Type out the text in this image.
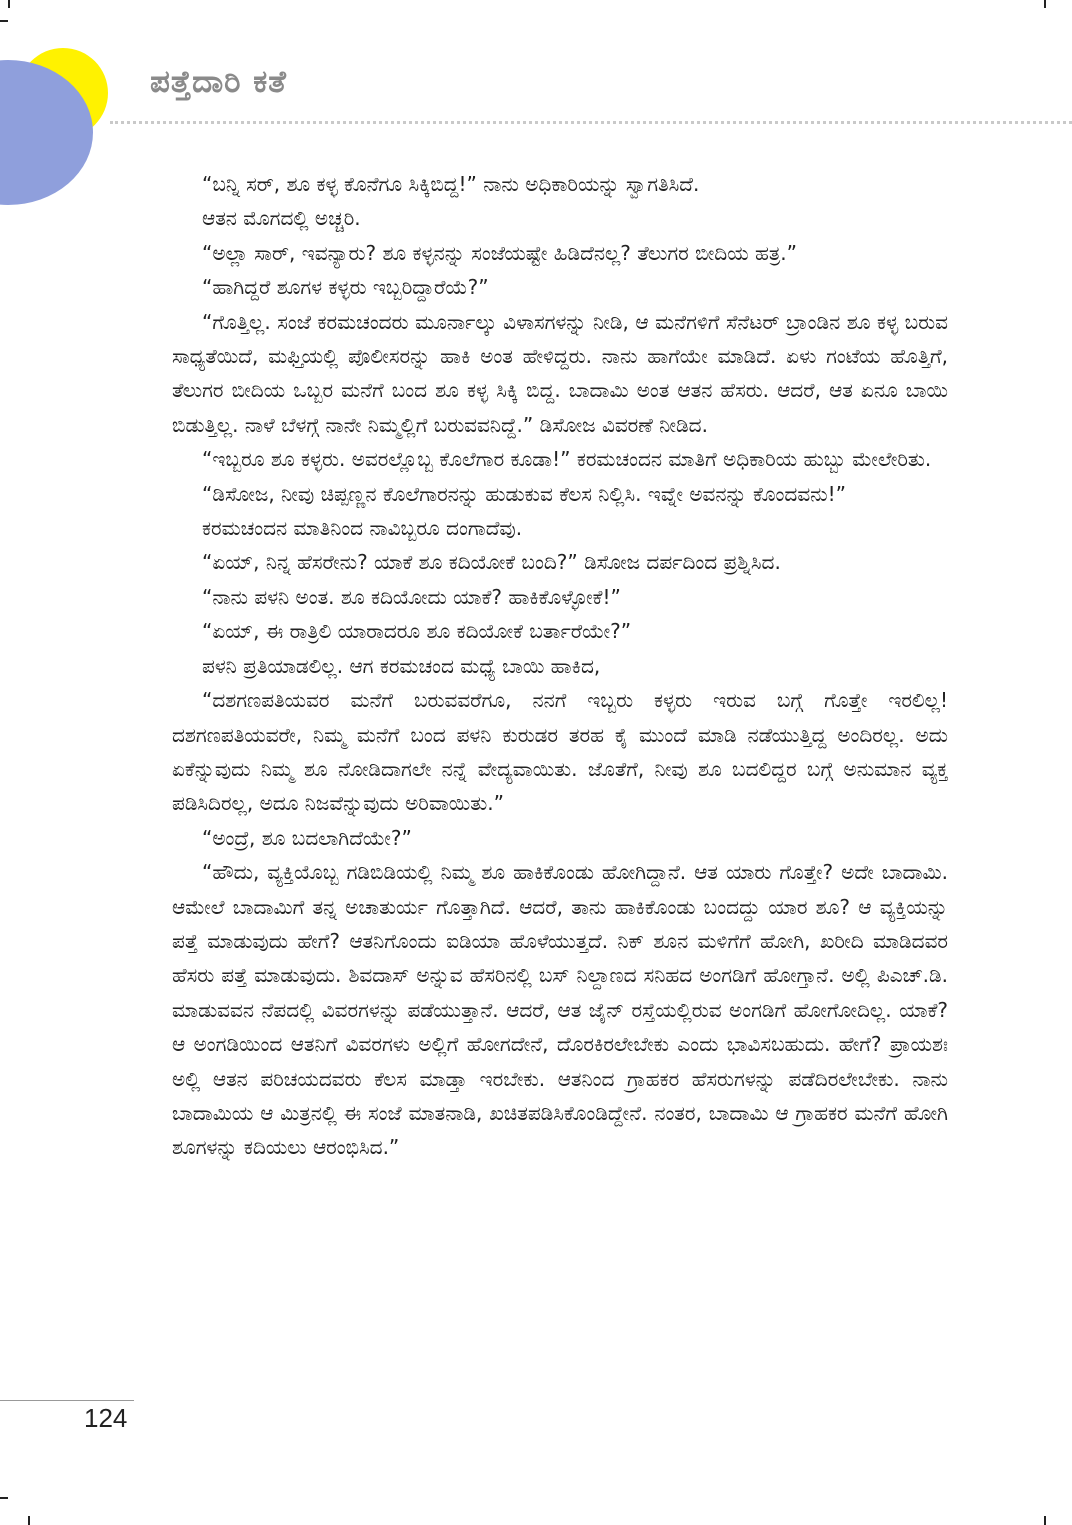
ಪತ್ತೆದಾರಿ ಕತೆ

“ಬನ್ನಿ ಸರ್, ಶೂ ಕಳ್ಳ ಕೊನೆಗೂ ಸಿಕ್ಕಿಬಿದ್ದ!” ನಾನು ಅಧಿಕಾರಿಯನ್ನು ಸ್ವಾಗತಿಸಿದೆ.

ಆತನ ಮೊಗದಲ್ಲಿ ಅಚ್ಚರಿ.

“ಅಲ್ಲಾ ಸಾರ್, ಇವನ್ಯಾರು? ಶೂ ಕಳ್ಳನನ್ನು ಸಂಜೆಯಷ್ಟೇ ಹಿಡಿದೆನಲ್ಲ? ತೆಲುಗರ ಬೀದಿಯ ಹತ್ರ.”

“ಹಾಗಿದ್ದರೆ ಶೂಗಳ ಕಳ್ಳರು ಇಬ್ಬರಿದ್ದಾರೆಯೆ?”

“ಗೊತ್ತಿಲ್ಲ. ಸಂಜೆ ಕರಮಚಂದರು ಮೂರ್ನಾಲ್ಕು ವಿಳಾಸಗಳನ್ನು ನೀಡಿ, ಆ ಮನೆಗಳಿಗೆ ಸೆನೆಟರ್ ಬ್ರಾಂಡಿನ ಶೂ ಕಳ್ಳ ಬರುವ ಸಾಧ್ಯತೆಯಿದೆ, ಮಫ್ತಿಯಲ್ಲಿ ಪೊಲೀಸರನ್ನು ಹಾಕಿ ಅಂತ ಹೇಳಿದ್ದರು. ನಾನು ಹಾಗೆಯೇ ಮಾಡಿದೆ. ಏಳು ಗಂಟೆಯ ಹೊತ್ತಿಗೆ, ತೆಲುಗರ ಬೀದಿಯ ಒಬ್ಬರ ಮನೆಗೆ ಬಂದ ಶೂ ಕಳ್ಳ ಸಿಕ್ಕಿ ಬಿದ್ದ. ಬಾದಾಮಿ ಅಂತ ಆತನ ಹೆಸರು. ಆದರೆ, ಆತ ಏನೂ ಬಾಯಿ ಬಿಡುತ್ತಿಲ್ಲ. ನಾಳೆ ಬೆಳಗ್ಗೆ ನಾನೇ ನಿಮ್ಮಲ್ಲಿಗೆ ಬರುವವನಿದ್ದೆ.” ಡಿಸೋಜ ವಿವರಣೆ ನೀಡಿದ.

“ಇಬ್ಬರೂ ಶೂ ಕಳ್ಳರು. ಅವರಲ್ಲೊಬ್ಬ ಕೊಲೆಗಾರ ಕೂಡಾ!” ಕರಮಚಂದನ ಮಾತಿಗೆ ಅಧಿಕಾರಿಯ ಹುಬ್ಬು ಮೇಲೇರಿತು.

“ಡಿಸೋಜ, ನೀವು ಚಿಪ್ಪಣ್ಣನ ಕೊಲೆಗಾರನನ್ನು ಹುಡುಕುವ ಕೆಲಸ ನಿಲ್ಲಿಸಿ. ಇವ್ನೇ ಅವನನ್ನು ಕೊಂದವನು!”

ಕರಮಚಂದನ ಮಾತಿನಿಂದ ನಾವಿಬ್ಬರೂ ದಂಗಾದೆವು.

“ಏಯ್, ನಿನ್ನ ಹೆಸರೇನು? ಯಾಕೆ ಶೂ ಕದಿಯೋಕೆ ಬಂದಿ?” ಡಿಸೋಜ ದರ್ಪದಿಂದ ಪ್ರಶ್ನಿಸಿದ.

“ನಾನು ಪಳನಿ ಅಂತ. ಶೂ ಕದಿಯೋದು ಯಾಕೆ? ಹಾಕಿಕೊಳ್ಳೋಕೆ!”

“ಏಯ್, ಈ ರಾತ್ರಿಲಿ ಯಾರಾದರೂ ಶೂ ಕದಿಯೋಕೆ ಬರ್ತಾರೆಯೇ?”

ಪಳನಿ ಪ್ರತಿಯಾಡಲಿಲ್ಲ. ಆಗ ಕರಮಚಂದ ಮಧ್ಯೆ ಬಾಯಿ ಹಾಕಿದ,

“ದಶಗಣಪತಿಯವರ ಮನೆಗೆ ಬರುವವರೆಗೂ, ನನಗೆ ಇಬ್ಬರು ಕಳ್ಳರು ಇರುವ ಬಗ್ಗೆ ಗೊತ್ತೇ ಇರಲಿಲ್ಲ! ದಶಗಣಪತಿಯವರೇ, ನಿಮ್ಮ ಮನೆಗೆ ಬಂದ ಪಳನಿ ಕುರುಡರ ತರಹ ಕೈ ಮುಂದೆ ಮಾಡಿ ನಡೆಯುತ್ತಿದ್ದ ಅಂದಿರಲ್ಲ. ಅದು ಏಕೆನ್ನುವುದು ನಿಮ್ಮ ಶೂ ನೋಡಿದಾಗಲೇ ನನ್ನೆ ವೇದ್ಯವಾಯಿತು. ಜೊತೆಗೆ, ನೀವು ಶೂ ಬದಲಿದ್ದರ ಬಗ್ಗೆ ಅನುಮಾನ ವ್ಯಕ್ತ ಪಡಿಸಿದಿರಲ್ಲ, ಅದೂ ನಿಜವೆನ್ನುವುದು ಅರಿವಾಯಿತು.”

“ಅಂದ್ರೆ, ಶೂ ಬದಲಾಗಿದೆಯೇ?”

“ಹೌದು, ವ್ಯಕ್ತಿಯೊಬ್ಬ ಗಡಿಬಿಡಿಯಲ್ಲಿ ನಿಮ್ಮ ಶೂ ಹಾಕಿಕೊಂಡು ಹೋಗಿದ್ದಾನೆ. ಆತ ಯಾರು ಗೊತ್ತೇ? ಅದೇ ಬಾದಾಮಿ. ಆಮೇಲೆ ಬಾದಾಮಿಗೆ ತನ್ನ ಅಚಾತುರ್ಯ ಗೊತ್ತಾಗಿದೆ. ಆದರೆ, ತಾನು ಹಾಕಿಕೊಂಡು ಬಂದದ್ದು ಯಾರ ಶೂ? ಆ ವ್ಯಕ್ತಿಯನ್ನು ಪತ್ತೆ ಮಾಡುವುದು ಹೇಗೆ? ಆತನಿಗೊಂದು ಐಡಿಯಾ ಹೊಳೆಯುತ್ತದೆ. ನಿಕ್ ಶೂನ ಮಳಿಗೆಗೆ ಹೋಗಿ, ಖರೀದಿ ಮಾಡಿದವರ ಹೆಸರು ಪತ್ತೆ ಮಾಡುವುದು. ಶಿವದಾಸ್ ಅನ್ನುವ ಹೆಸರಿನಲ್ಲಿ ಬಸ್ ನಿಲ್ದಾಣದ ಸನಿಹದ ಅಂಗಡಿಗೆ ಹೋಗ್ತಾನೆ. ಅಲ್ಲಿ ಪಿಎಚ್.ಡಿ. ಮಾಡುವವನ ನೆಪದಲ್ಲಿ ವಿವರಗಳನ್ನು ಪಡೆಯುತ್ತಾನೆ. ಆದರೆ, ಆತ ಜೈನ್ ರಸ್ತೆಯಲ್ಲಿರುವ ಅಂಗಡಿಗೆ ಹೋಗೋದಿಲ್ಲ. ಯಾಕೆ? ಆ ಅಂಗಡಿಯಿಂದ ಆತನಿಗೆ ವಿವರಗಳು ಅಲ್ಲಿಗೆ ಹೋಗದೇನೆ, ದೊರಕಿರಲೇಬೇಕು ಎಂದು ಭಾವಿಸಬಹುದು. ಹೇಗೆ? ಪ್ರಾಯಶಃ ಅಲ್ಲಿ ಆತನ ಪರಿಚಯದವರು ಕೆಲಸ ಮಾಡ್ತಾ ಇರಬೇಕು. ಆತನಿಂದ ಗ್ರಾಹಕರ ಹೆಸರುಗಳನ್ನು ಪಡೆದಿರಲೇಬೇಕು. ನಾನು ಬಾದಾಮಿಯ ಆ ಮಿತ್ರನಲ್ಲಿ ಈ ಸಂಜೆ ಮಾತನಾಡಿ, ಖಚಿತಪಡಿಸಿಕೊಂಡಿದ್ದೇನೆ. ನಂತರ, ಬಾದಾಮಿ ಆ ಗ್ರಾಹಕರ ಮನೆಗೆ ಹೋಗಿ ಶೂಗಳನ್ನು ಕದಿಯಲು ಆರಂಭಿಸಿದ.”

124
